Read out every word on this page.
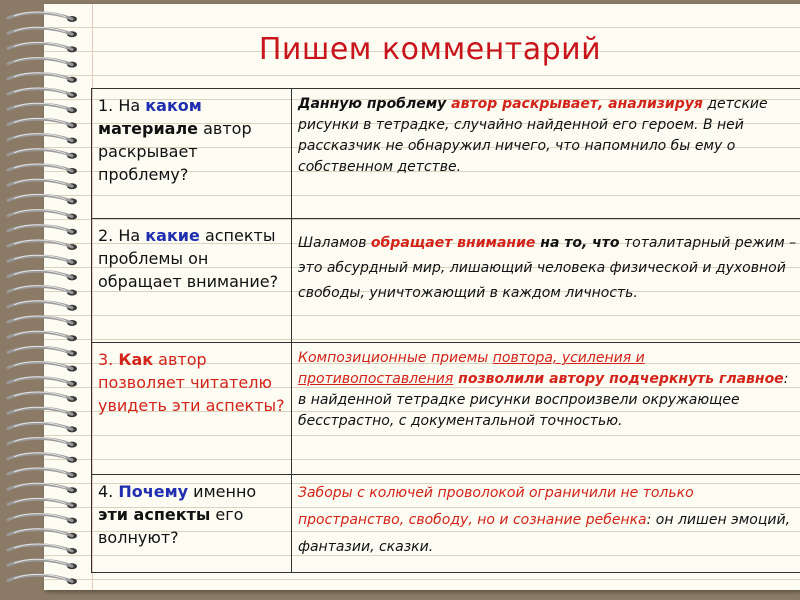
Пишем комментарий
1. На каком материале автор раскрывает проблему?	Данную проблему автор раскрывает, анализируя детские рисунки в тетрадке, случайно найденной его героем. В ней рассказчик не обнаружил ничего, что напомнило бы ему о собственном детстве.
2. На какие аспекты проблемы он обращает внимание?	Шаламов обращает внимание на то, что тоталитарный режим – это абсурдный мир, лишающий человека физической и духовной свободы, уничтожающий в каждом личность.
3. Как автор позволяет читателю увидеть эти аспекты?	Композиционные приемы повтора, усиления и противопоставления позволили автору подчеркнуть главное: в найденной тетрадке рисунки воспроизвели окружающее бесстрастно, с документальной точностью.
4. Почему именно эти аспекты его волнуют?	Заборы с колючей проволокой ограничили не только пространство, свободу, но и сознание ребенка: он лишен эмоций, фантазии, сказки.
